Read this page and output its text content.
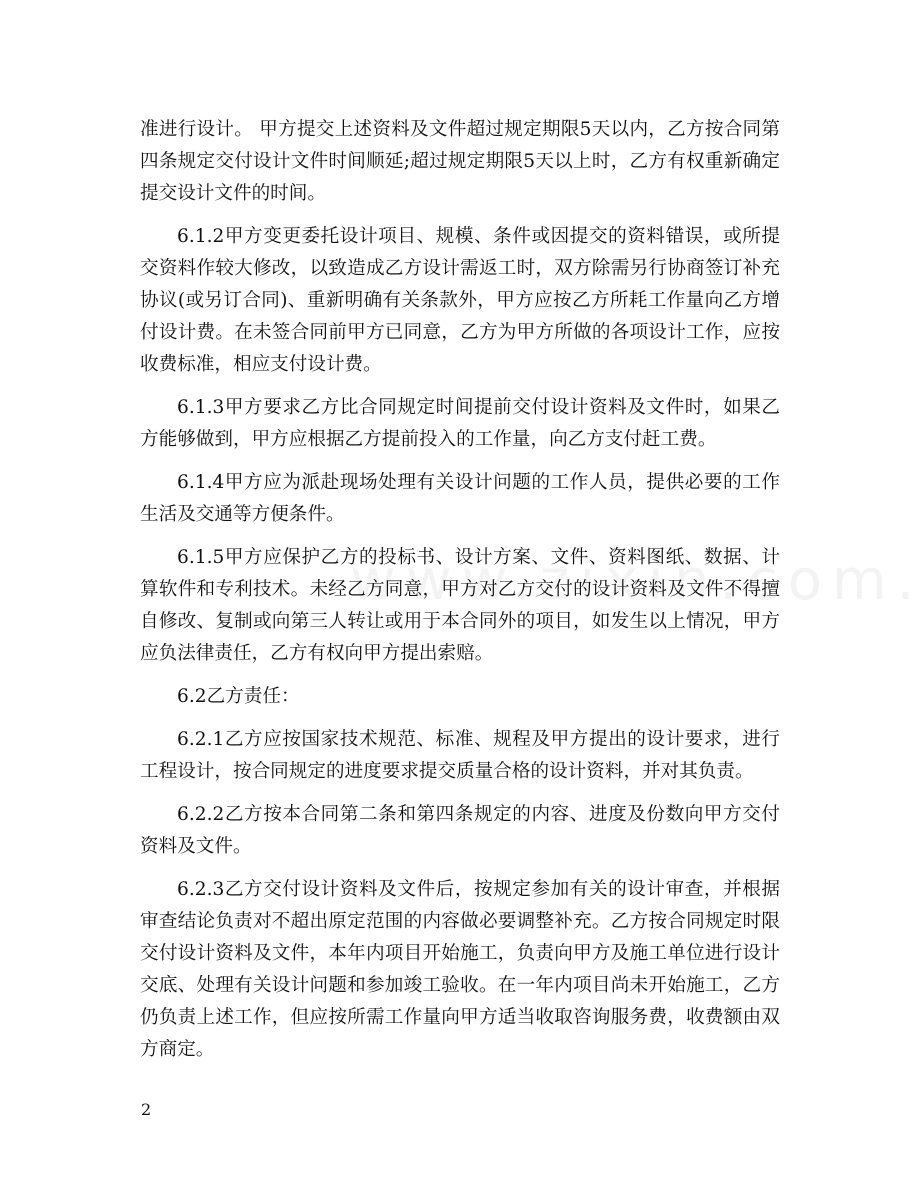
准进行设计。 甲方提交上述资料及文件超过规定期限5天以内，乙方按合同第四条规定交付设计文件时间顺延;超过规定期限5天以上时，乙方有权重新确定提交设计文件的时间。

6.1.2甲方变更委托设计项目、规模、条件或因提交的资料错误，或所提交资料作较大修改，以致造成乙方设计需返工时，双方除需另行协商签订补充协议(或另订合同)、重新明确有关条款外，甲方应按乙方所耗工作量向乙方增付设计费。在未签合同前甲方已同意，乙方为甲方所做的各项设计工作，应按收费标准，相应支付设计费。

6.1.3甲方要求乙方比合同规定时间提前交付设计资料及文件时，如果乙方能够做到，甲方应根据乙方提前投入的工作量，向乙方支付赶工费。

6.1.4甲方应为派赴现场处理有关设计问题的工作人员，提供必要的工作生活及交通等方便条件。

6.1.5甲方应保护乙方的投标书、设计方案、文件、资料图纸、数据、计算软件和专利技术。未经乙方同意，甲方对乙方交付的设计资料及文件不得擅自修改、复制或向第三人转让或用于本合同外的项目，如发生以上情况，甲方应负法律责任，乙方有权向甲方提出索赔。

6.2乙方责任：

6.2.1乙方应按国家技术规范、标准、规程及甲方提出的设计要求，进行工程设计，按合同规定的进度要求提交质量合格的设计资料，并对其负责。

6.2.2乙方按本合同第二条和第四条规定的内容、进度及份数向甲方交付资料及文件。

6.2.3乙方交付设计资料及文件后，按规定参加有关的设计审查，并根据审查结论负责对不超出原定范围的内容做必要调整补充。乙方按合同规定时限交付设计资料及文件，本年内项目开始施工，负责向甲方及施工单位进行设计交底、处理有关设计问题和参加竣工验收。在一年内项目尚未开始施工，乙方仍负责上述工作，但应按所需工作量向甲方适当收取咨询服务费，收费额由双方商定。

2
